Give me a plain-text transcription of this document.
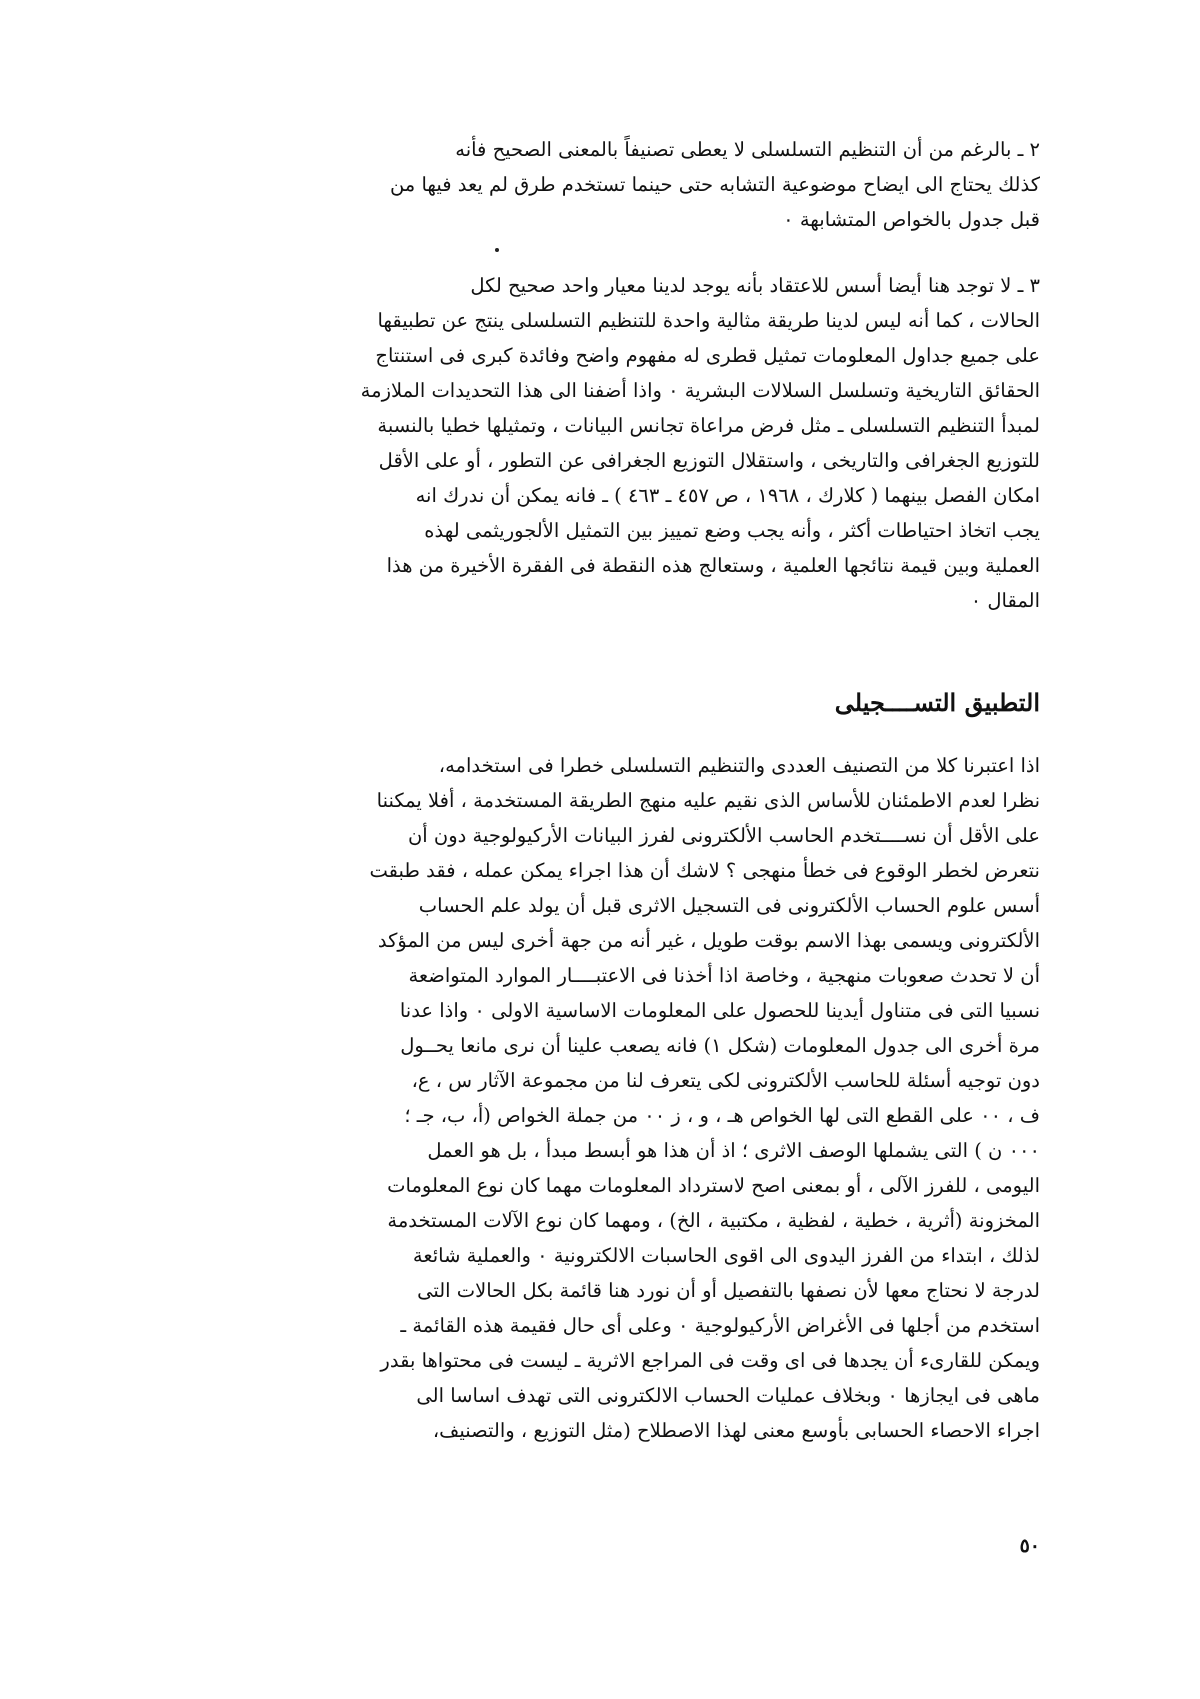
٢ ـ بالرغم من أن التنظيم التسلسلى لا يعطى تصنيفاً بالمعنى الصحيح فأنه
كذلك يحتاج الى ايضاح موضوعية التشابه حتى حينما تستخدم طرق لم يعد فيها من
قبل جدول بالخواص المتشابهة ٠
٣ ـ لا توجد هنا أيضا أسس للاعتقاد بأنه يوجد لدينا معيار واحد صحيح لكل
الحالات ، كما أنه ليس لدينا طريقة مثالية واحدة للتنظيم التسلسلى ينتج عن تطبيقها
على جميع جداول المعلومات تمثيل قطرى له مفهوم واضح وفائدة كبرى فى استنتاج
الحقائق التاريخية وتسلسل السلالات البشرية ٠ واذا أضفنا الى هذا التحديدات الملازمة
لمبدأ التنظيم التسلسلى ـ مثل فرض مراعاة تجانس البيانات ، وتمثيلها خطيا بالنسبة
للتوزيع الجغرافى والتاريخى ، واستقلال التوزيع الجغرافى عن التطور ، أو على الأقل
امكان الفصل بينهما ( كلارك ، ١٩٦٨ ، ص ٤٥٧ ـ ٤٦٣ ) ـ فانه يمكن أن ندرك انه
يجب اتخاذ احتياطات أكثر ، وأنه يجب وضع تمييز بين التمثيل الألجوريثمى لهذه
العملية وبين قيمة نتائجها العلمية ، وستعالج هذه النقطة فى الفقرة الأخيرة من هذا
المقال ٠
التطبيق التســــجيلى
اذا اعتبرنا كلا من التصنيف العددى والتنظيم التسلسلى خطرا فى استخدامه،
نظرا لعدم الاطمئنان للأساس الذى نقيم عليه منهج الطريقة المستخدمة ، أفلا يمكننا
على الأقل أن نســــتخدم الحاسب الألكترونى لفرز البيانات الأركيولوجية دون أن
نتعرض لخطر الوقوع فى خطأ منهجى ؟ لاشك أن هذا اجراء يمكن عمله ، فقد طبقت
أسس علوم الحساب الألكترونى فى التسجيل الاثرى قبل أن يولد علم الحساب
الألكترونى ويسمى بهذا الاسم بوقت طويل ، غير أنه من جهة أخرى ليس من المؤكد
أن لا تحدث صعوبات منهجية ، وخاصة اذا أخذنا فى الاعتبــــار الموارد المتواضعة
نسبيا التى فى متناول أيدينا للحصول على المعلومات الاساسية الاولى ٠ واذا عدنا
مرة أخرى الى جدول المعلومات (شكل ١) فانه يصعب علينا أن نرى مانعا يحــول
دون توجيه أسئلة للحاسب الألكترونى لكى يتعرف لنا من مجموعة الآثار س ، ع،
ف ، ٠٠ على القطع التى لها الخواص هـ ، و ، ز ٠٠ من جملة الخواص (أ، ب، جـ ؛
٠٠٠ ن ) التى يشملها الوصف الاثرى ؛ اذ أن هذا هو أبسط مبدأ ، بل هو العمل
اليومى ، للفرز الآلى ، أو بمعنى اصح لاسترداد المعلومات مهما كان نوع المعلومات
المخزونة (أثرية ، خطية ، لفظية ، مكتبية ، الخ) ، ومهما كان نوع الآلات المستخدمة
لذلك ، ابتداء من الفرز اليدوى الى اقوى الحاسبات الالكترونية ٠ والعملية شائعة
لدرجة لا نحتاج معها لأن نصفها بالتفصيل أو أن نورد هنا قائمة بكل الحالات التى
استخدم من أجلها فى الأغراض الأركيولوجية ٠ وعلى أى حال فقيمة هذه القائمة ـ
ويمكن للقارىء أن يجدها فى اى وقت فى المراجع الاثرية ـ ليست فى محتواها بقدر
ماهى فى ايجازها ٠ وبخلاف عمليات الحساب الالكترونى التى تهدف اساسا الى
اجراء الاحصاء الحسابى بأوسع معنى لهذا الاصطلاح (مثل التوزيع ، والتصنيف،
٥٠
